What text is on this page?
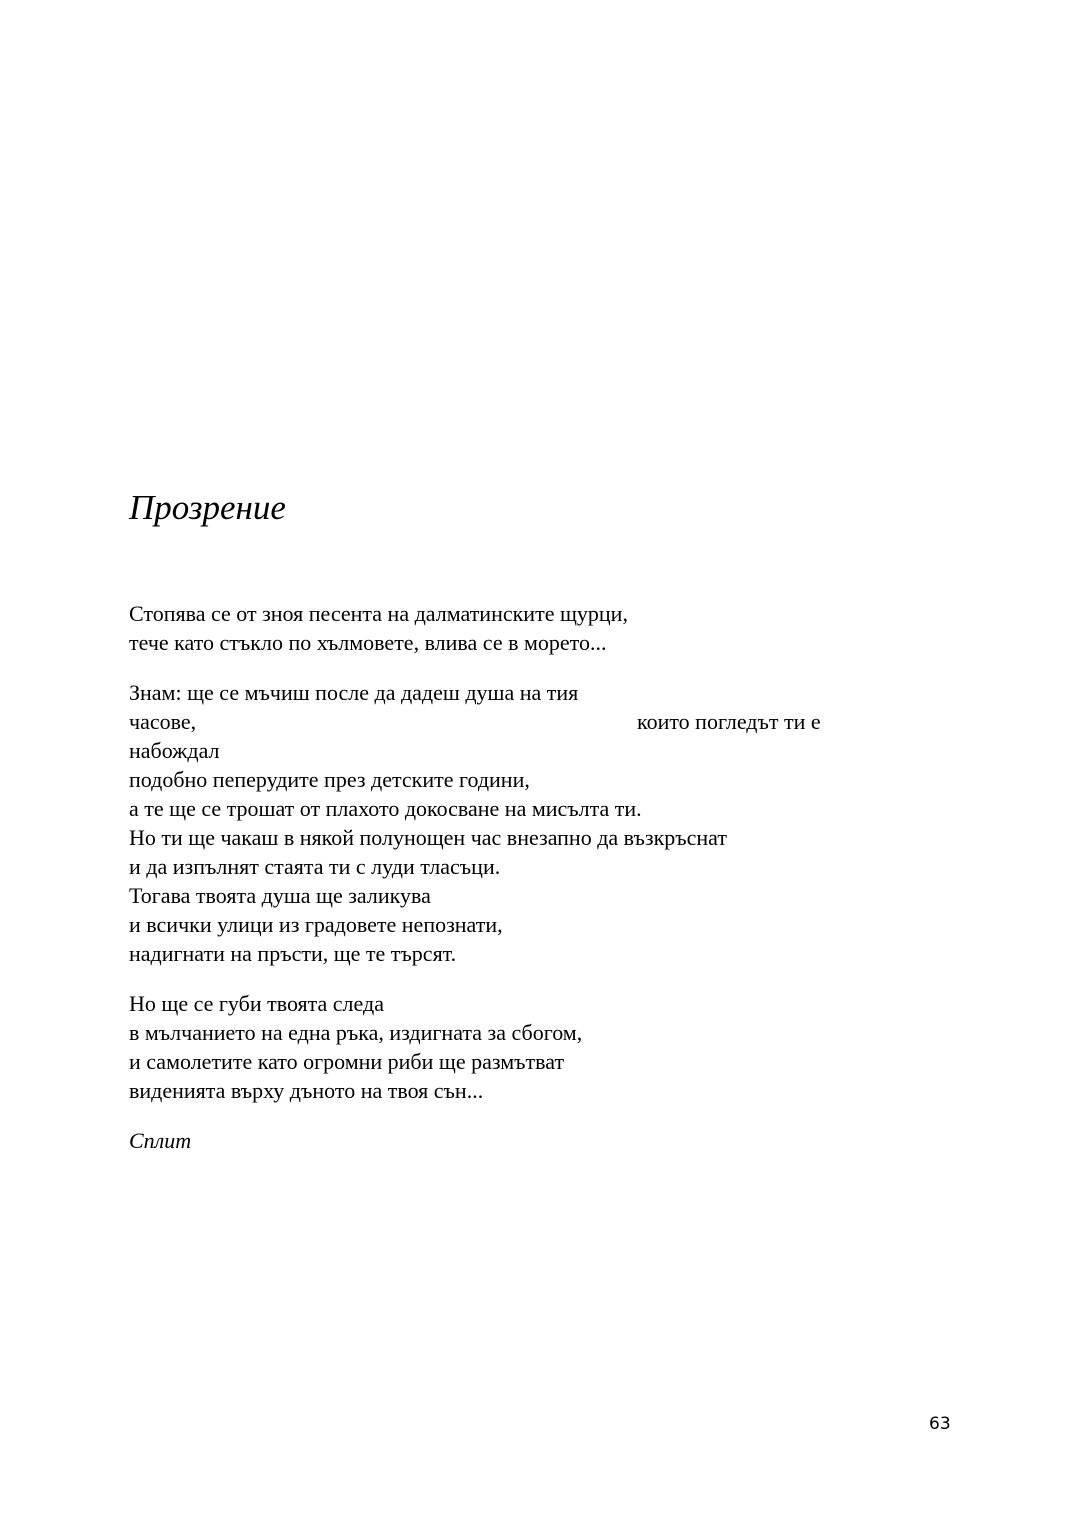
Прозрение
Стопява се от зноя песента на далматинските щурци,
тече като стъкло по хълмовете, влива се в морето...
Знам: ще се мъчиш после да дадеш душа на тия
часове,	които погледът ти е
набождал
подобно пеперудите през детските години,
а те ще се трошат от плахото докосване на мисълта ти.
Но ти ще чакаш в някой полунощен час внезапно да възкръснат
и да изпълнят стаята ти с луди тласъци.
Тогава твоята душа ще заликува
и всички улици из градовете непознати,
надигнати на пръсти, ще те търсят.
Но ще се губи твоята следа
в мълчанието на една ръка, издигната за сбогом,
и самолетите като огромни риби ще размътват
виденията върху дъното на твоя сън...
Сплит
63
